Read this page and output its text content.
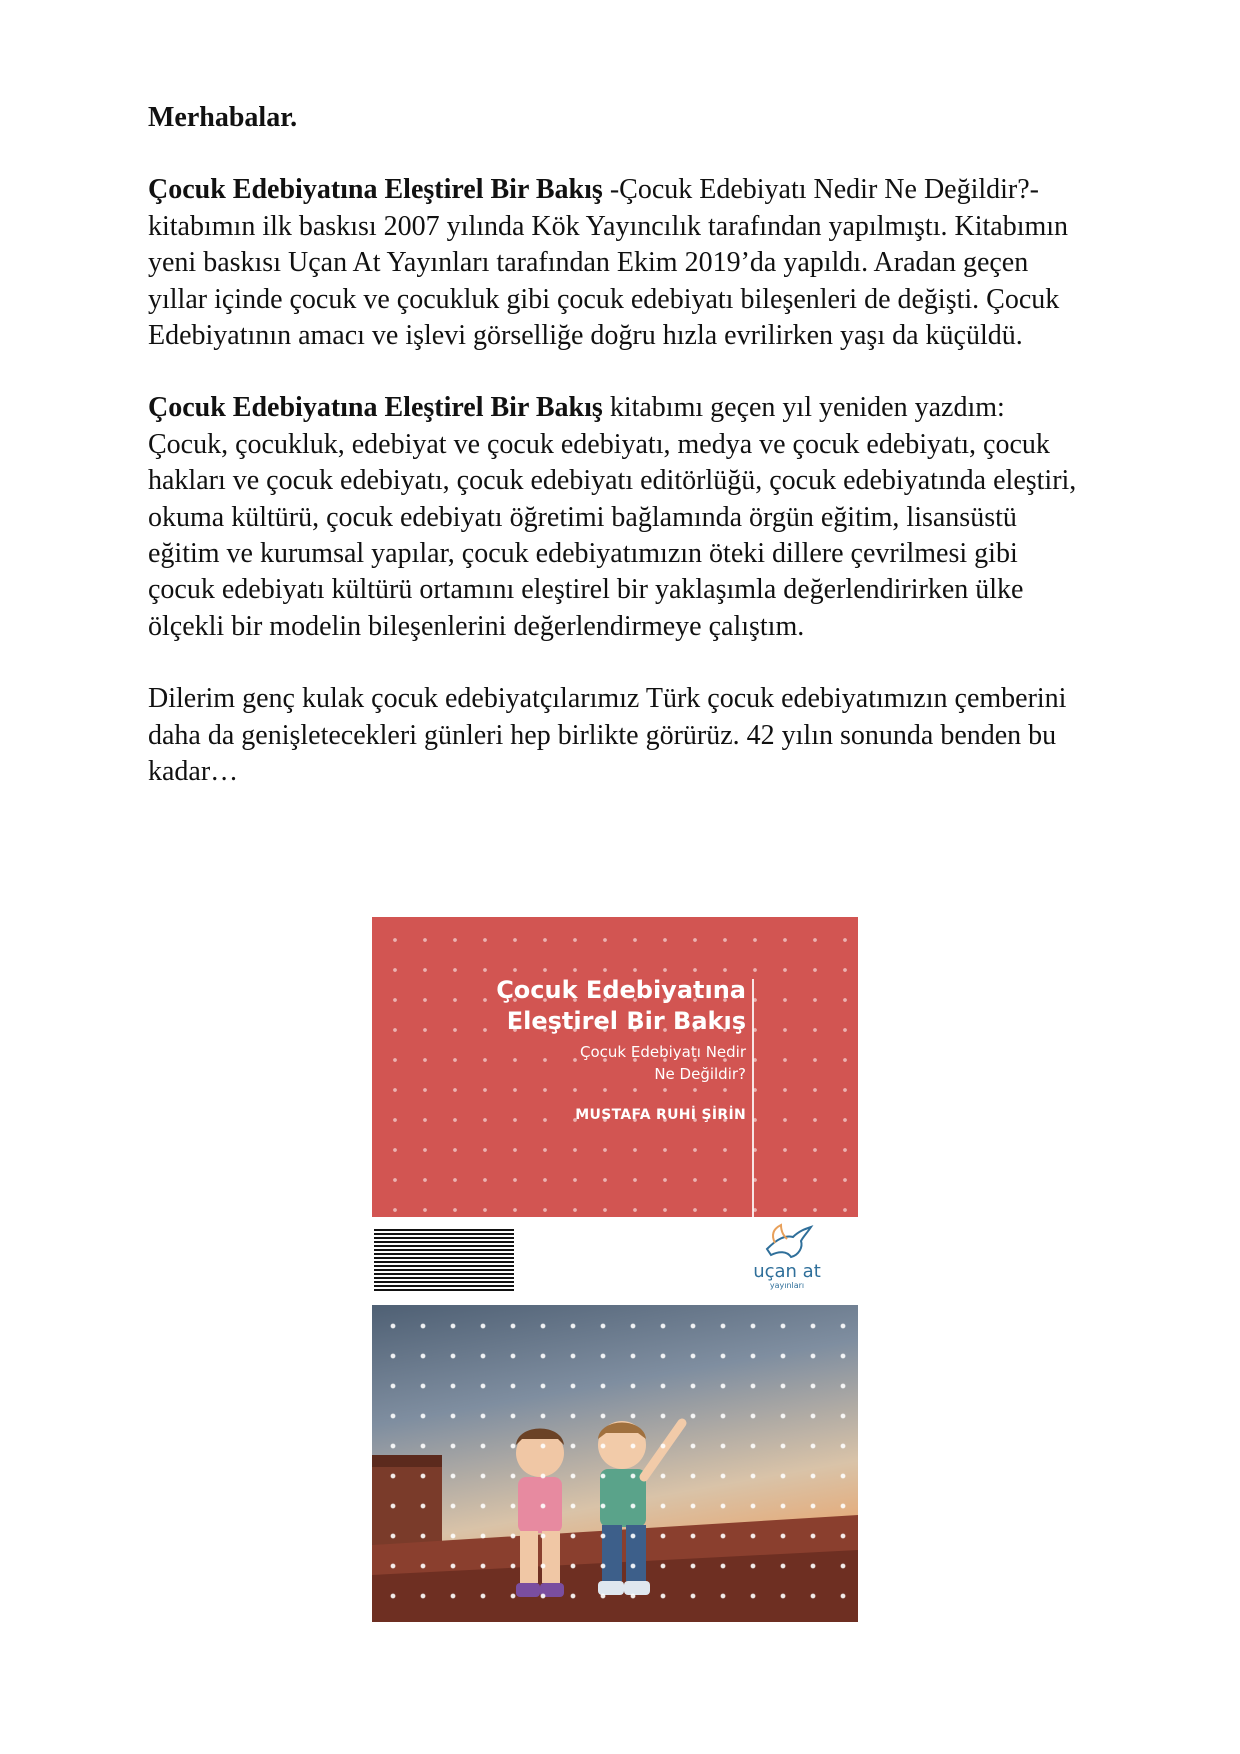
Merhabalar.

Çocuk Edebiyatına Eleştirel Bir Bakış -Çocuk Edebiyatı Nedir Ne Değildir?- kitabımın ilk baskısı 2007 yılında Kök Yayıncılık tarafından yapılmıştı. Kitabımın yeni baskısı Uçan At Yayınları tarafından Ekim 2019’da yapıldı. Aradan geçen yıllar içinde çocuk ve çocukluk gibi çocuk edebiyatı bileşenleri de değişti. Çocuk Edebiyatının amacı ve işlevi görselliğe doğru hızla evrilirken yaşı da küçüldü.

Çocuk Edebiyatına Eleştirel Bir Bakış kitabımı geçen yıl yeniden yazdım: Çocuk, çocukluk, edebiyat ve çocuk edebiyatı, medya ve çocuk edebiyatı, çocuk hakları ve çocuk edebiyatı, çocuk edebiyatı editörlüğü, çocuk edebiyatında eleştiri, okuma kültürü, çocuk edebiyatı öğretimi bağlamında örgün eğitim, lisansüstü eğitim ve kurumsal yapılar, çocuk edebiyatımızın öteki dillere çevrilmesi gibi çocuk edebiyatı kültürü ortamını eleştirel bir yaklaşımla değerlendirirken ülke ölçekli bir modelin bileşenlerini değerlendirmeye çalıştım.

Dilerim genç kulak çocuk edebiyatçılarımız Türk çocuk edebiyatımızın çemberini daha da genişletecekleri günleri hep birlikte görürüz. 42 yılın sonunda benden bu kadar…

Çocuk Edebiyatına
Eleştirel Bir Bakış
Çocuk Edebiyatı Nedir
Ne Değildir?
MUSTAFA RUHİ ŞİRİN
uçan at
yayınları
